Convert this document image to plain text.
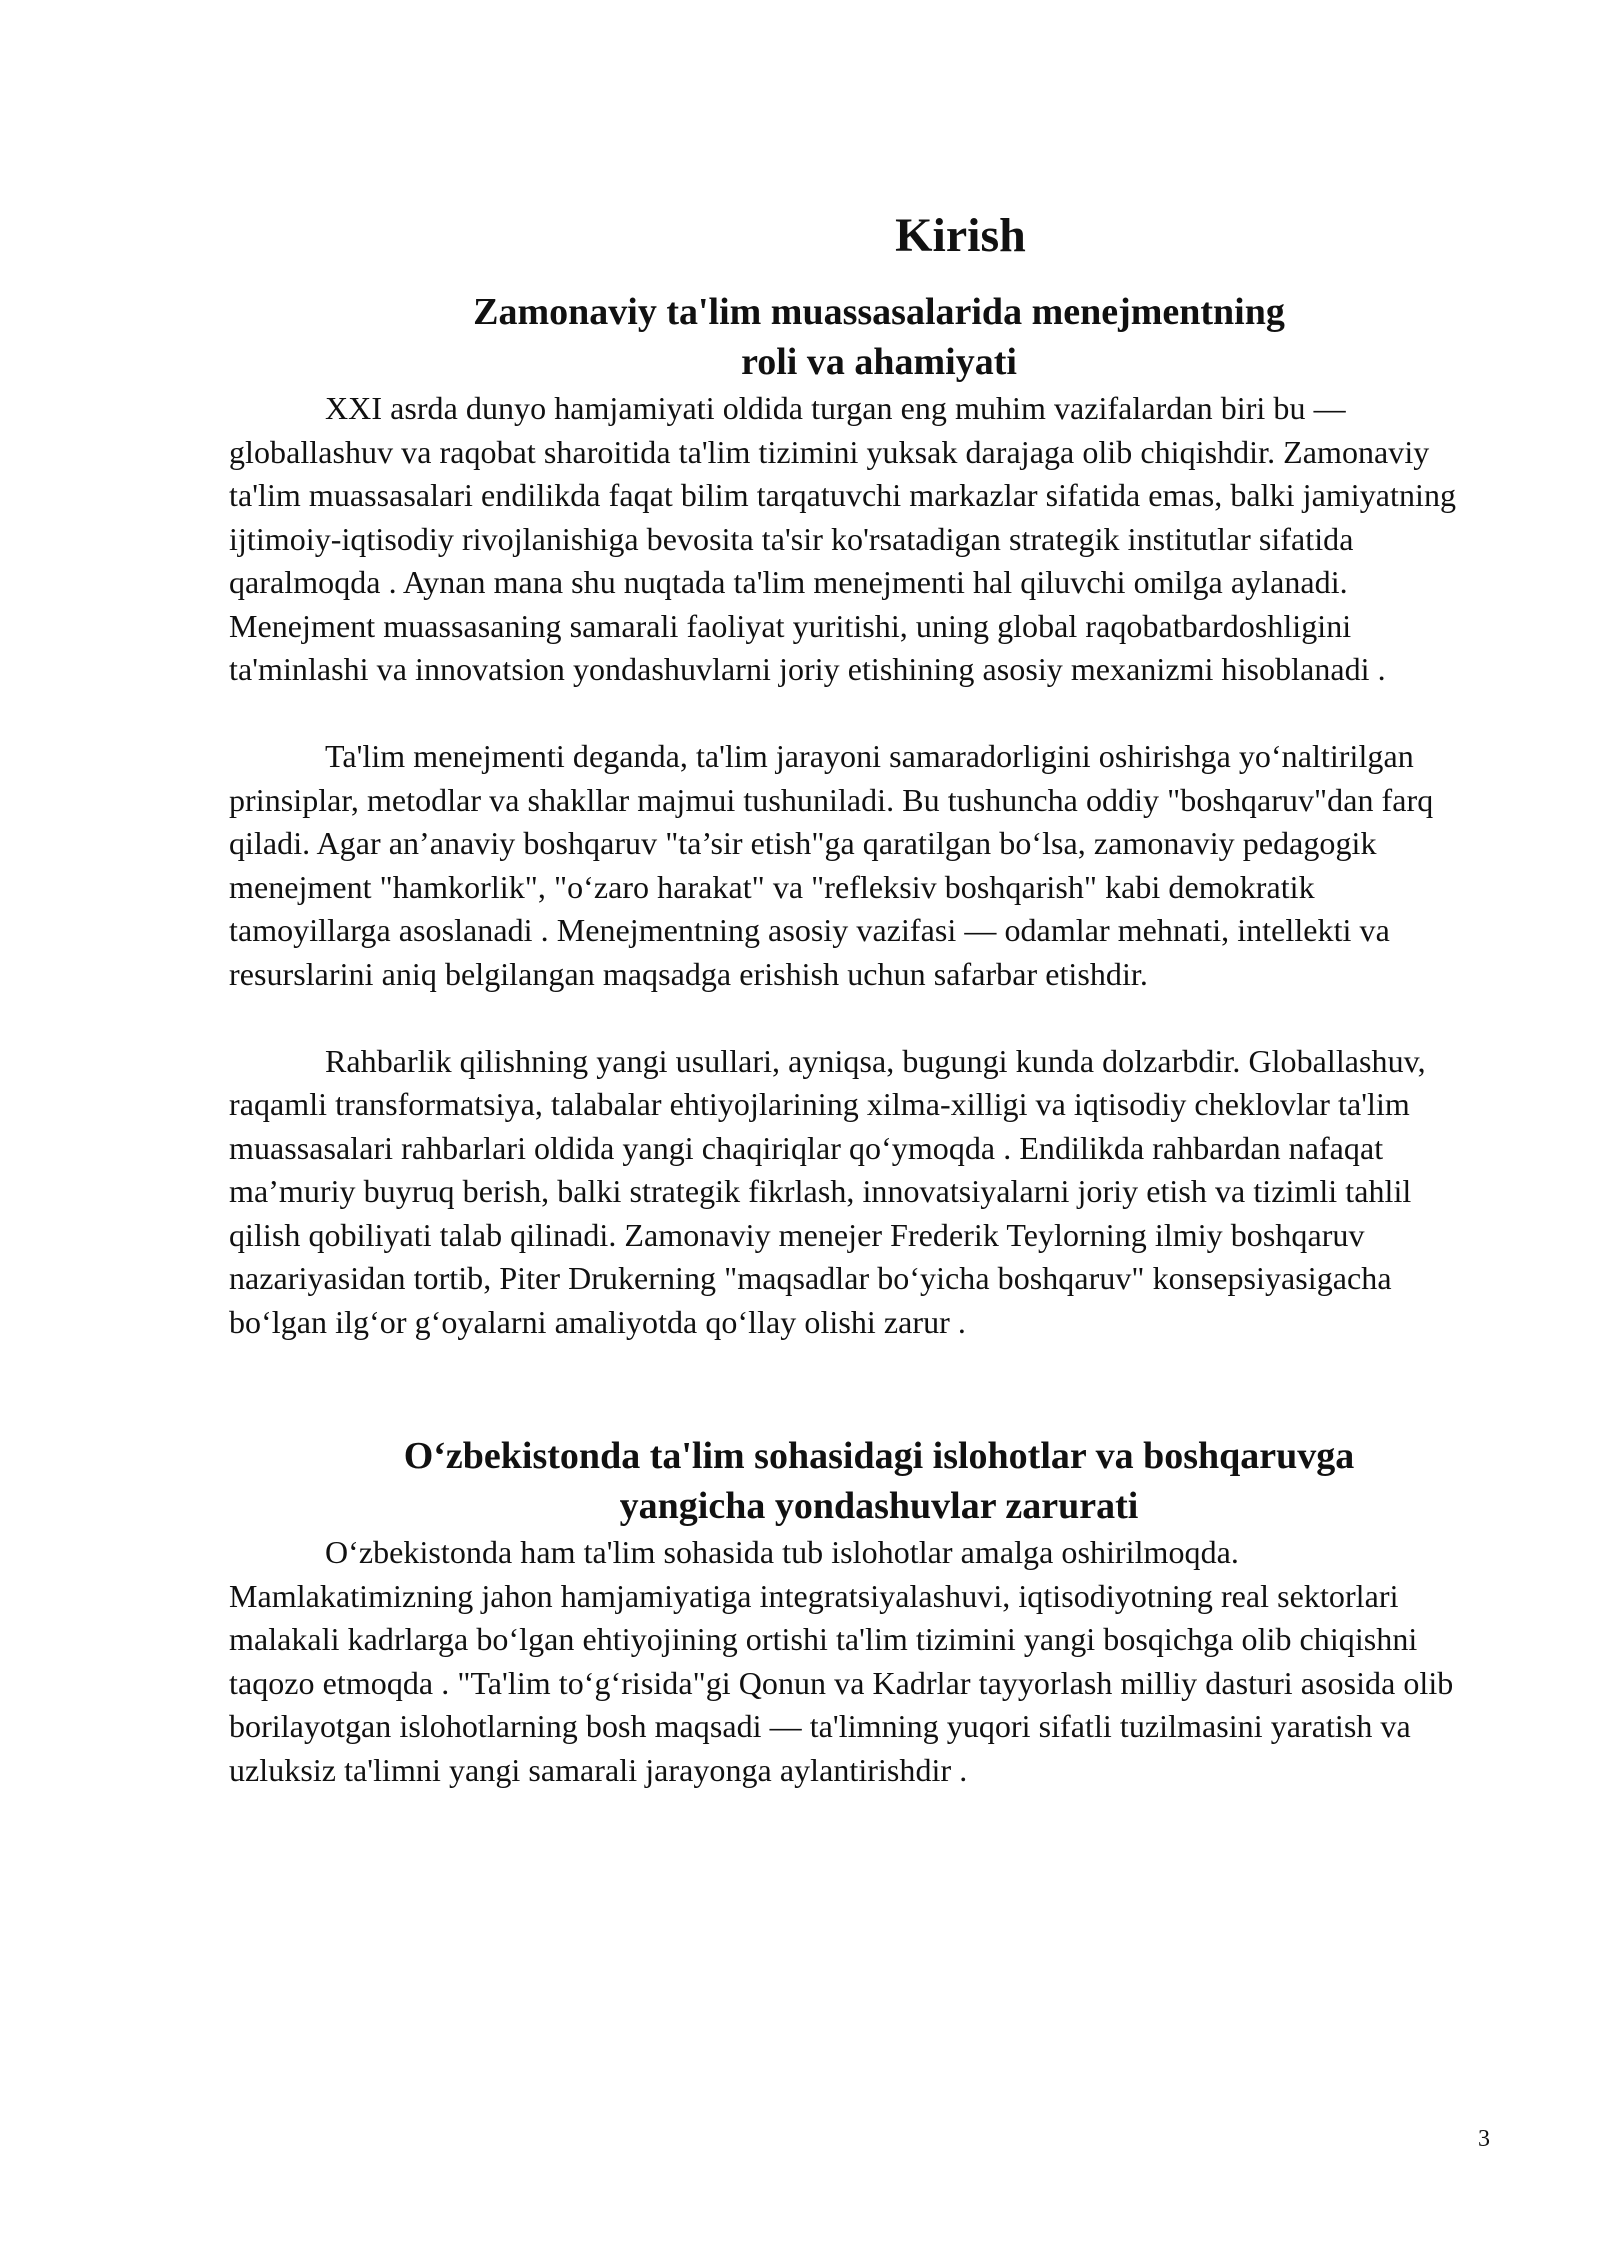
Kirish
Zamonaviy ta'lim muassasalarida menejmentning
roli va ahamiyati

XXI asrda dunyo hamjamiyati oldida turgan eng muhim vazifalardan biri bu — globallashuv va raqobat sharoitida ta'lim tizimini yuksak darajaga olib chiqishdir. Zamonaviy ta'lim muassasalari endilikda faqat bilim tarqatuvchi markazlar sifatida emas, balki jamiyatning ijtimoiy-iqtisodiy rivojlanishiga bevosita ta'sir ko'rsatadigan strategik institutlar sifatida qaralmoqda . Aynan mana shu nuqtada ta'lim menejmenti hal qiluvchi omilga aylanadi. Menejment muassasaning samarali faoliyat yuritishi, uning global raqobatbardoshligini ta'minlashi va innovatsion yondashuvlarni joriy etishining asosiy mexanizmi hisoblanadi .

Ta'lim menejmenti deganda, ta'lim jarayoni samaradorligini oshirishga yo‘naltirilgan prinsiplar, metodlar va shakllar majmui tushuniladi. Bu tushuncha oddiy "boshqaruv"dan farq qiladi. Agar an’anaviy boshqaruv "ta’sir etish"ga qaratilgan bo‘lsa, zamonaviy pedagogik menejment "hamkorlik", "o‘zaro harakat" va "refleksiv boshqarish" kabi demokratik tamoyillarga asoslanadi . Menejmentning asosiy vazifasi — odamlar mehnati, intellekti va resurslarini aniq belgilangan maqsadga erishish uchun safarbar etishdir.

Rahbarlik qilishning yangi usullari, ayniqsa, bugungi kunda dolzarbdir. Globallashuv, raqamli transformatsiya, talabalar ehtiyojlarining xilma-xilligi va iqtisodiy cheklovlar ta'lim muassasalari rahbarlari oldida yangi chaqiriqlar qo‘ymoqda . Endilikda rahbardan nafaqat ma’muriy buyruq berish, balki strategik fikrlash, innovatsiyalarni joriy etish va tizimli tahlil qilish qobiliyati talab qilinadi. Zamonaviy menejer Frederik Teylorning ilmiy boshqaruv nazariyasidan tortib, Piter Drukerning "maqsadlar bo‘yicha boshqaruv" konsepsiyasigacha bo‘lgan ilg‘or g‘oyalarni amaliyotda qo‘llay olishi zarur .

O‘zbekistonda ta'lim sohasidagi islohotlar va boshqaruvga
yangicha yondashuvlar zarurati

O‘zbekistonda ham ta'lim sohasida tub islohotlar amalga oshirilmoqda. Mamlakatimizning jahon hamjamiyatiga integratsiyalashuvi, iqtisodiyotning real sektorlari malakali kadrlarga bo‘lgan ehtiyojining ortishi ta'lim tizimini yangi bosqichga olib chiqishni taqozo etmoqda . "Ta'lim to‘g‘risida"gi Qonun va Kadrlar tayyorlash milliy dasturi asosida olib borilayotgan islohotlarning bosh maqsadi — ta'limning yuqori sifatli tuzilmasini yaratish va uzluksiz ta'limni yangi samarali jarayonga aylantirishdir .

3
